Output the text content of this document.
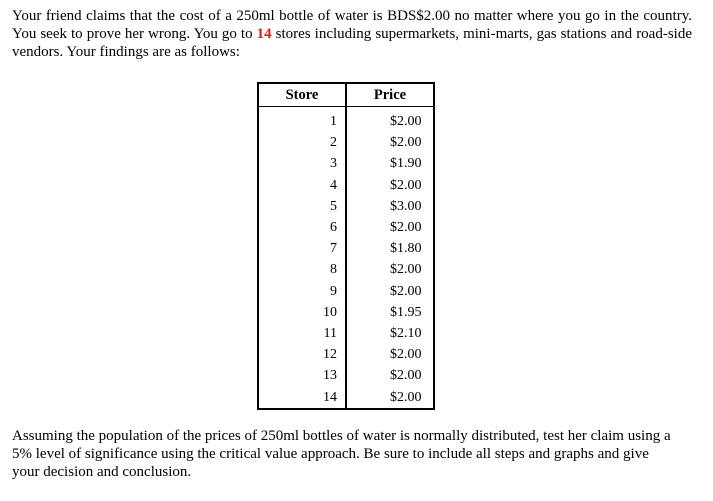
Your friend claims that the cost of a 250ml bottle of water is BDS$2.00 no matter where you go in the country. You seek to prove her wrong. You go to 14 stores including supermarkets, mini-marts, gas stations and road-side vendors. Your findings are as follows:

Store	Price
1	$2.00
2	$2.00
3	$1.90
4	$2.00
5	$3.00
6	$2.00
7	$1.80
8	$2.00
9	$2.00
10	$1.95
11	$2.10
12	$2.00
13	$2.00
14	$2.00

Assuming the population of the prices of 250ml bottles of water is normally distributed, test her claim using a 5% level of significance using the critical value approach. Be sure to include all steps and graphs and give your decision and conclusion.
